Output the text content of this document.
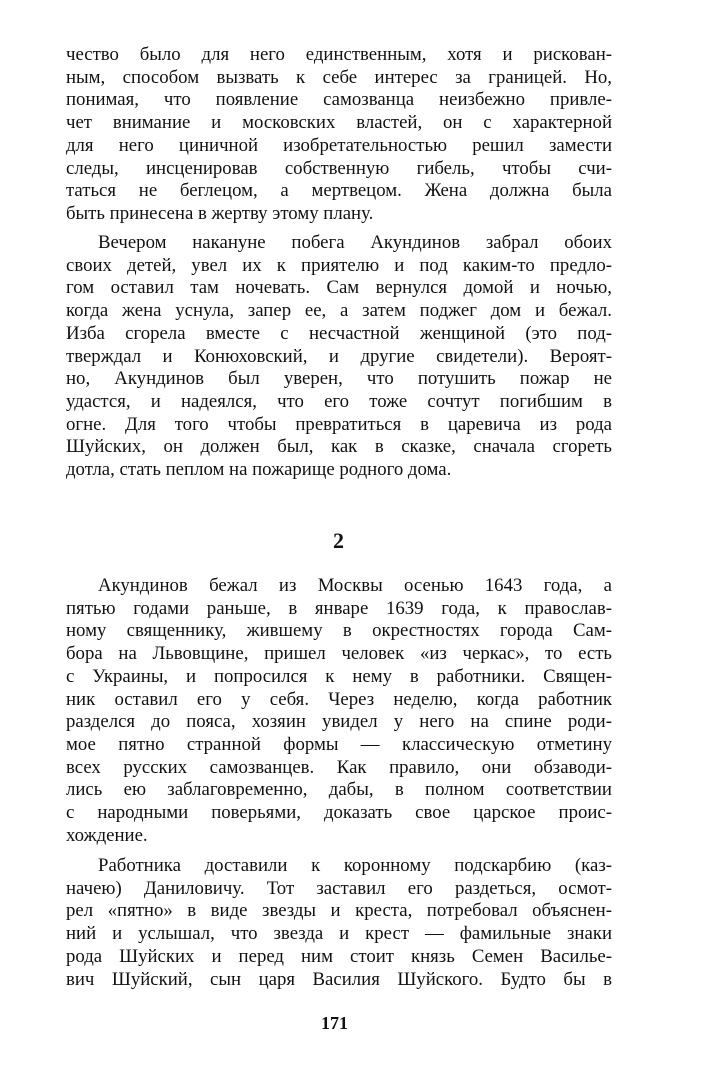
чество было для него единственным, хотя и рискован-
ным, способом вызвать к себе интерес за границей. Но,
понимая, что появление самозванца неизбежно привле-
чет внимание и московских властей, он с характерной
для него циничной изобретательностью решил замести
следы, инсценировав собственную гибель, чтобы счи-
таться не беглецом, а мертвецом. Жена должна была
быть принесена в жертву этому плану.
Вечером накануне побега Акундинов забрал обоих
своих детей, увел их к приятелю и под каким-то предло-
гом оставил там ночевать. Сам вернулся домой и ночью,
когда жена уснула, запер ее, а затем поджег дом и бежал.
Изба сгорела вместе с несчастной женщиной (это под-
тверждал и Конюховский, и другие свидетели). Вероят-
но, Акундинов был уверен, что потушить пожар не
удастся, и надеялся, что его тоже сочтут погибшим в
огне. Для того чтобы превратиться в царевича из рода
Шуйских, он должен был, как в сказке, сначала сгореть
дотла, стать пеплом на пожарище родного дома.
2
Акундинов бежал из Москвы осенью 1643 года, а
пятью годами раньше, в январе 1639 года, к православ-
ному священнику, жившему в окрестностях города Сам-
бора на Львовщине, пришел человек «из черкас», то есть
с Украины, и попросился к нему в работники. Священ-
ник оставил его у себя. Через неделю, когда работник
разделся до пояса, хозяин увидел у него на спине роди-
мое пятно странной формы — классическую отметину
всех русских самозванцев. Как правило, они обзаводи-
лись ею заблаговременно, дабы, в полном соответствии
с народными поверьями, доказать свое царское проис-
хождение.
Работника доставили к коронному подскарбию (каз-
начею) Даниловичу. Тот заставил его раздеться, осмот-
рел «пятно» в виде звезды и креста, потребовал объяснен-
ний и услышал, что звезда и крест — фамильные знаки
рода Шуйских и перед ним стоит князь Семен Василье-
вич Шуйский, сын царя Василия Шуйского. Будто бы в
171
